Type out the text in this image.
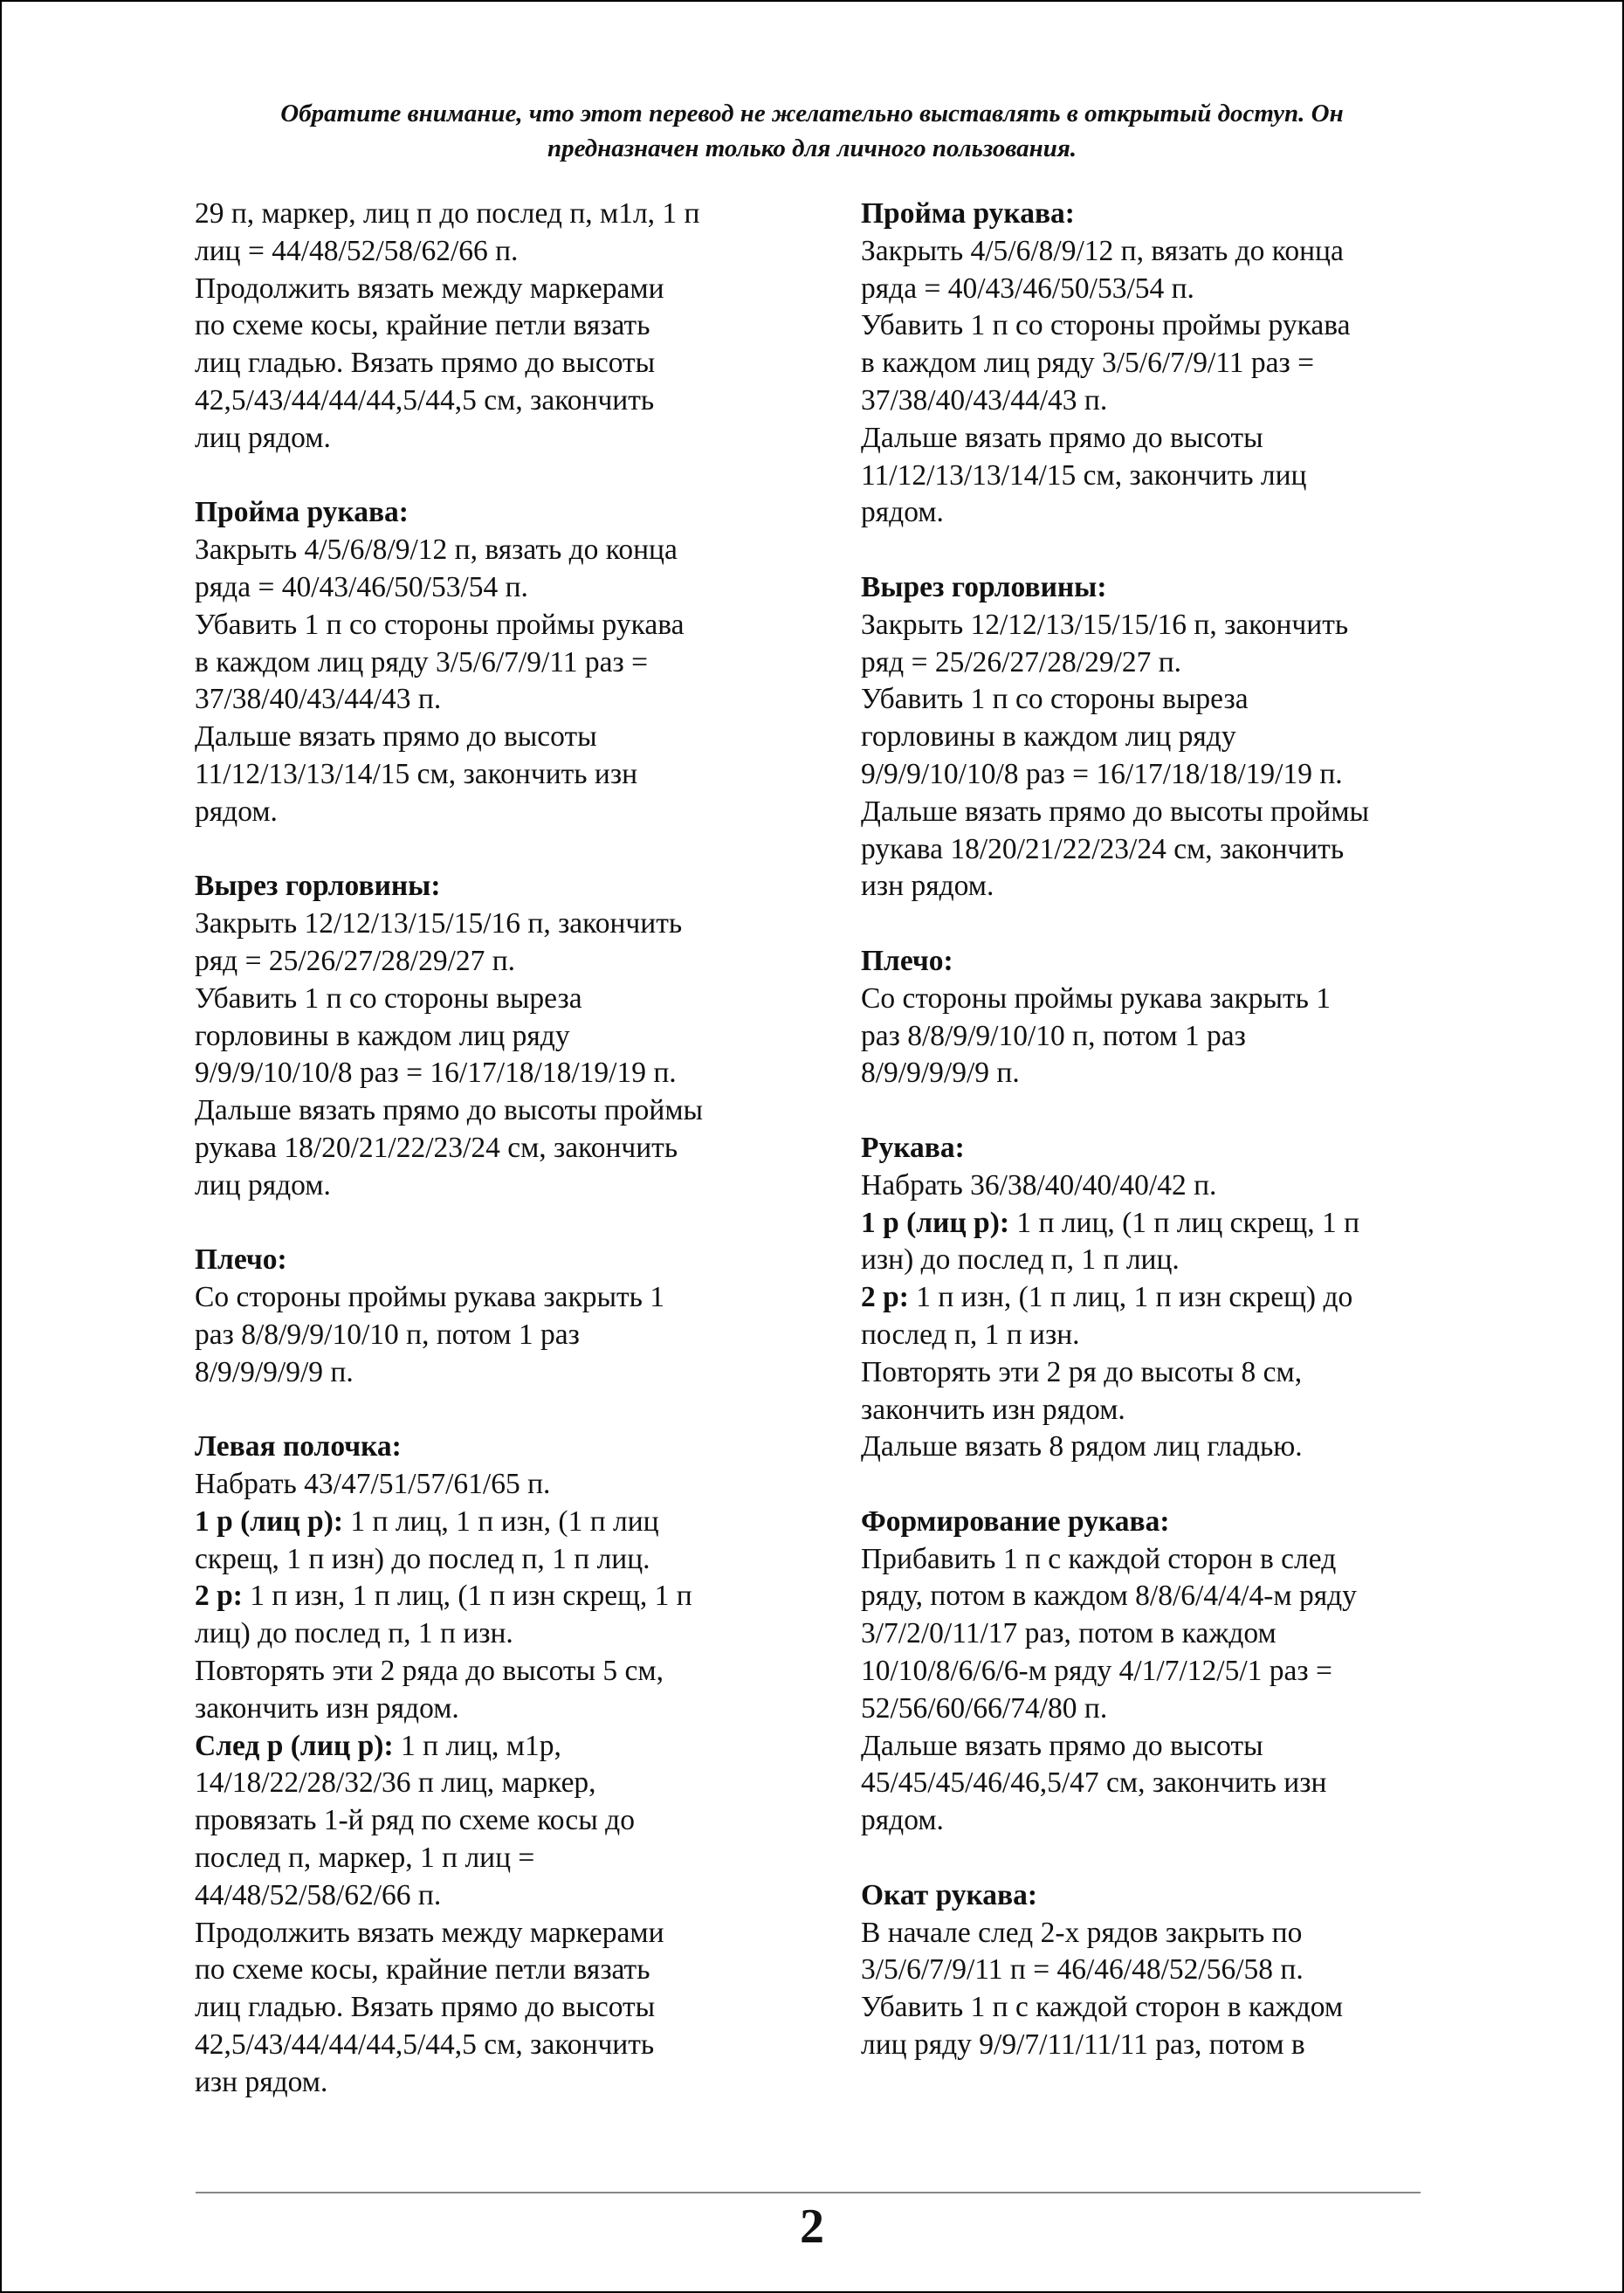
Обратите внимание, что этот перевод не желательно выставлять в открытый доступ. Он
предназначен только для личного пользования.
29 п, маркер, лиц п до послед п, м1л, 1 п
лиц = 44/48/52/58/62/66 п.
Продолжить вязать между маркерами
по схеме косы, крайние петли вязать
лиц гладью. Вязать прямо до высоты
42,5/43/44/44/44,5/44,5 см, закончить
лиц рядом.
Пройма рукава:
Закрыть 4/5/6/8/9/12 п, вязать до конца
ряда = 40/43/46/50/53/54 п.
Убавить 1 п со стороны проймы рукава
в каждом лиц ряду 3/5/6/7/9/11 раз =
37/38/40/43/44/43 п.
Дальше вязать прямо до высоты
11/12/13/13/14/15 см, закончить изн
рядом.
Вырез горловины:
Закрыть 12/12/13/15/15/16 п, закончить
ряд = 25/26/27/28/29/27 п.
Убавить 1 п со стороны выреза
горловины в каждом лиц ряду
9/9/9/10/10/8 раз = 16/17/18/18/19/19 п.
Дальше вязать прямо до высоты проймы
рукава 18/20/21/22/23/24 см, закончить
лиц рядом.
Плечо:
Со стороны проймы рукава закрыть 1
раз 8/8/9/9/10/10 п, потом 1 раз
8/9/9/9/9/9 п.
Левая полочка:
Набрать 43/47/51/57/61/65 п.
1 р (лиц р): 1 п лиц, 1 п изн, (1 п лиц
скрещ, 1 п изн) до послед п, 1 п лиц.
2 р: 1 п изн, 1 п лиц, (1 п изн скрещ, 1 п
лиц) до послед п, 1 п изн.
Повторять эти 2 ряда до высоты 5 см,
закончить изн рядом.
След р (лиц р): 1 п лиц, м1р,
14/18/22/28/32/36 п лиц, маркер,
провязать 1-й ряд по схеме косы до
послед п, маркер, 1 п лиц =
44/48/52/58/62/66 п.
Продолжить вязать между маркерами
по схеме косы, крайние петли вязать
лиц гладью. Вязать прямо до высоты
42,5/43/44/44/44,5/44,5 см, закончить
изн рядом.
Пройма рукава:
Закрыть 4/5/6/8/9/12 п, вязать до конца
ряда = 40/43/46/50/53/54 п.
Убавить 1 п со стороны проймы рукава
в каждом лиц ряду 3/5/6/7/9/11 раз =
37/38/40/43/44/43 п.
Дальше вязать прямо до высоты
11/12/13/13/14/15 см, закончить лиц
рядом.
Вырез горловины:
Закрыть 12/12/13/15/15/16 п, закончить
ряд = 25/26/27/28/29/27 п.
Убавить 1 п со стороны выреза
горловины в каждом лиц ряду
9/9/9/10/10/8 раз = 16/17/18/18/19/19 п.
Дальше вязать прямо до высоты проймы
рукава 18/20/21/22/23/24 см, закончить
изн рядом.
Плечо:
Со стороны проймы рукава закрыть 1
раз 8/8/9/9/10/10 п, потом 1 раз
8/9/9/9/9/9 п.
Рукава:
Набрать 36/38/40/40/40/42 п.
1 р (лиц р): 1 п лиц, (1 п лиц скрещ, 1 п
изн) до послед п, 1 п лиц.
2 р: 1 п изн, (1 п лиц, 1 п изн скрещ) до
послед п, 1 п изн.
Повторять эти 2 ря до высоты 8 см,
закончить изн рядом.
Дальше вязать 8 рядом лиц гладью.
Формирование рукава:
Прибавить 1 п с каждой сторон в след
ряду, потом в каждом 8/8/6/4/4/4-м ряду
3/7/2/0/11/17 раз, потом в каждом
10/10/8/6/6/6-м ряду 4/1/7/12/5/1 раз =
52/56/60/66/74/80 п.
Дальше вязать прямо до высоты
45/45/45/46/46,5/47 см, закончить изн
рядом.
Окат рукава:
В начале след 2-х рядов закрыть по
3/5/6/7/9/11 п = 46/46/48/52/56/58 п.
Убавить 1 п с каждой сторон в каждом
лиц ряду 9/9/7/11/11/11 раз, потом в
2
